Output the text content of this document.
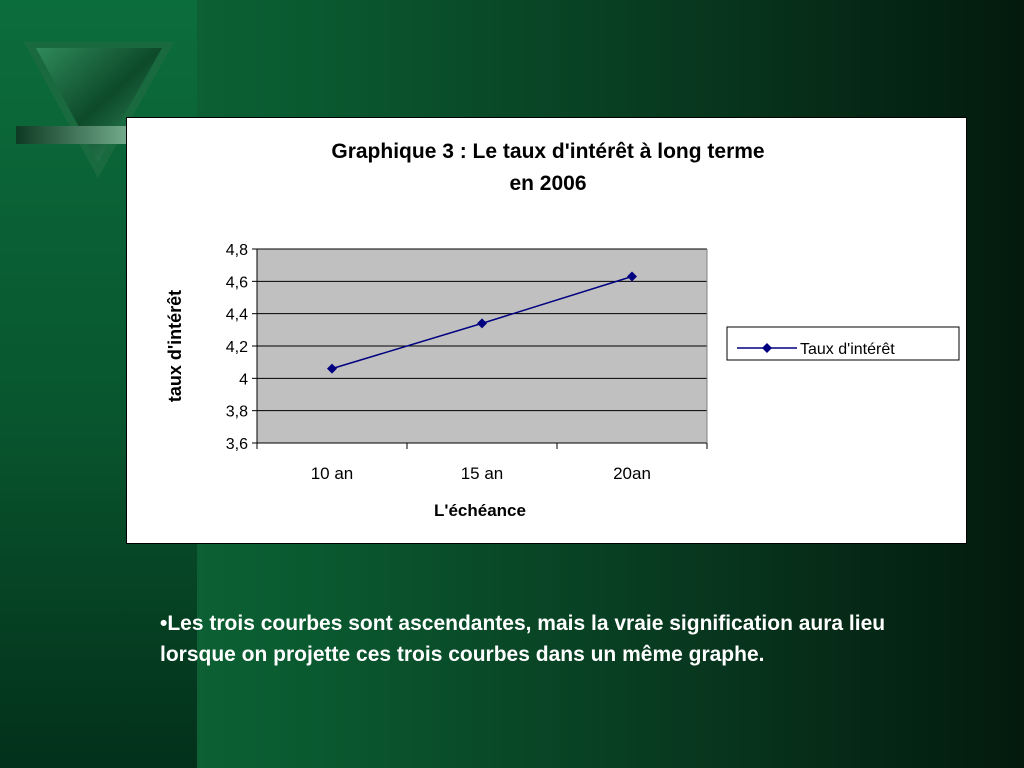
Graphique 3 : Le taux d'intérêt à long terme
en 2006
3,6
3,8
4
4,2
4,4
4,6
4,8
10 an	15 an	20an
taux d'intérêt
L'échéance
Taux d'intérêt
•Les trois courbes sont ascendantes, mais la vraie signification aura lieu lorsque on projette ces trois courbes dans un même graphe.
